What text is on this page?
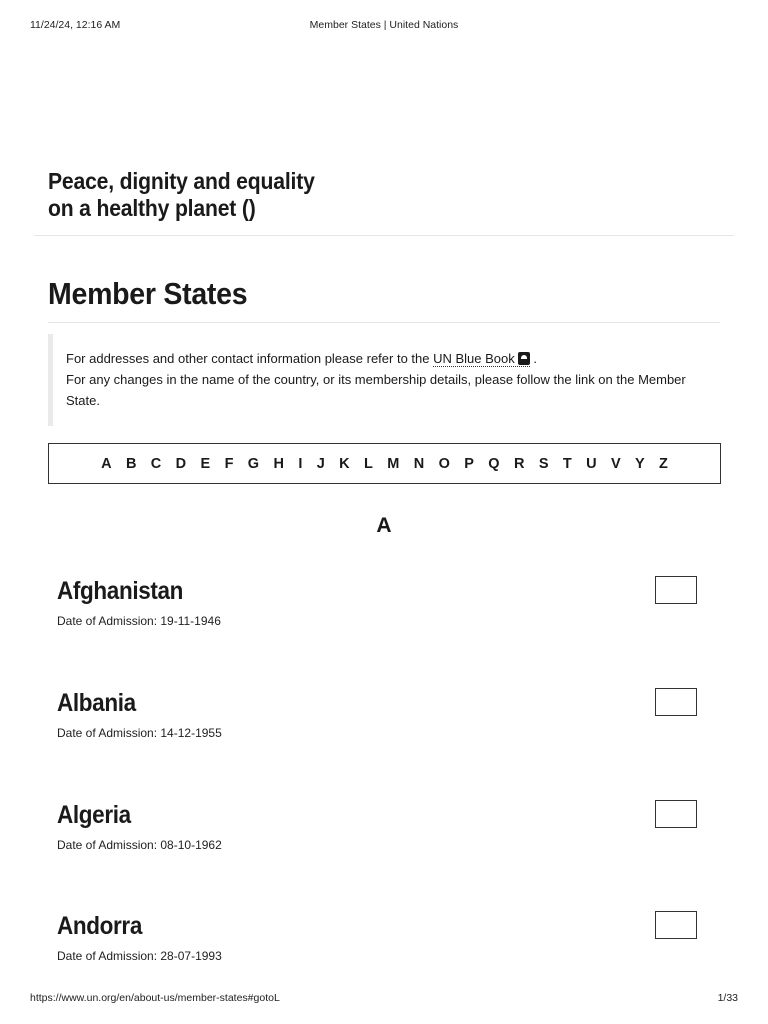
11/24/24, 12:16 AM	Member States | United Nations
Peace, dignity and equality
on a healthy planet ()
Member States
For addresses and other contact information please refer to the UN Blue Book .
For any changes in the name of the country, or its membership details, please follow the link on the Member State.
A B C D E F G H I J K L M N O P Q R S T U V Y Z
A
Afghanistan
Date of Admission: 19-11-1946
Albania
Date of Admission: 14-12-1955
Algeria
Date of Admission: 08-10-1962
Andorra
Date of Admission: 28-07-1993
https://www.un.org/en/about-us/member-states#gotoL	1/33
